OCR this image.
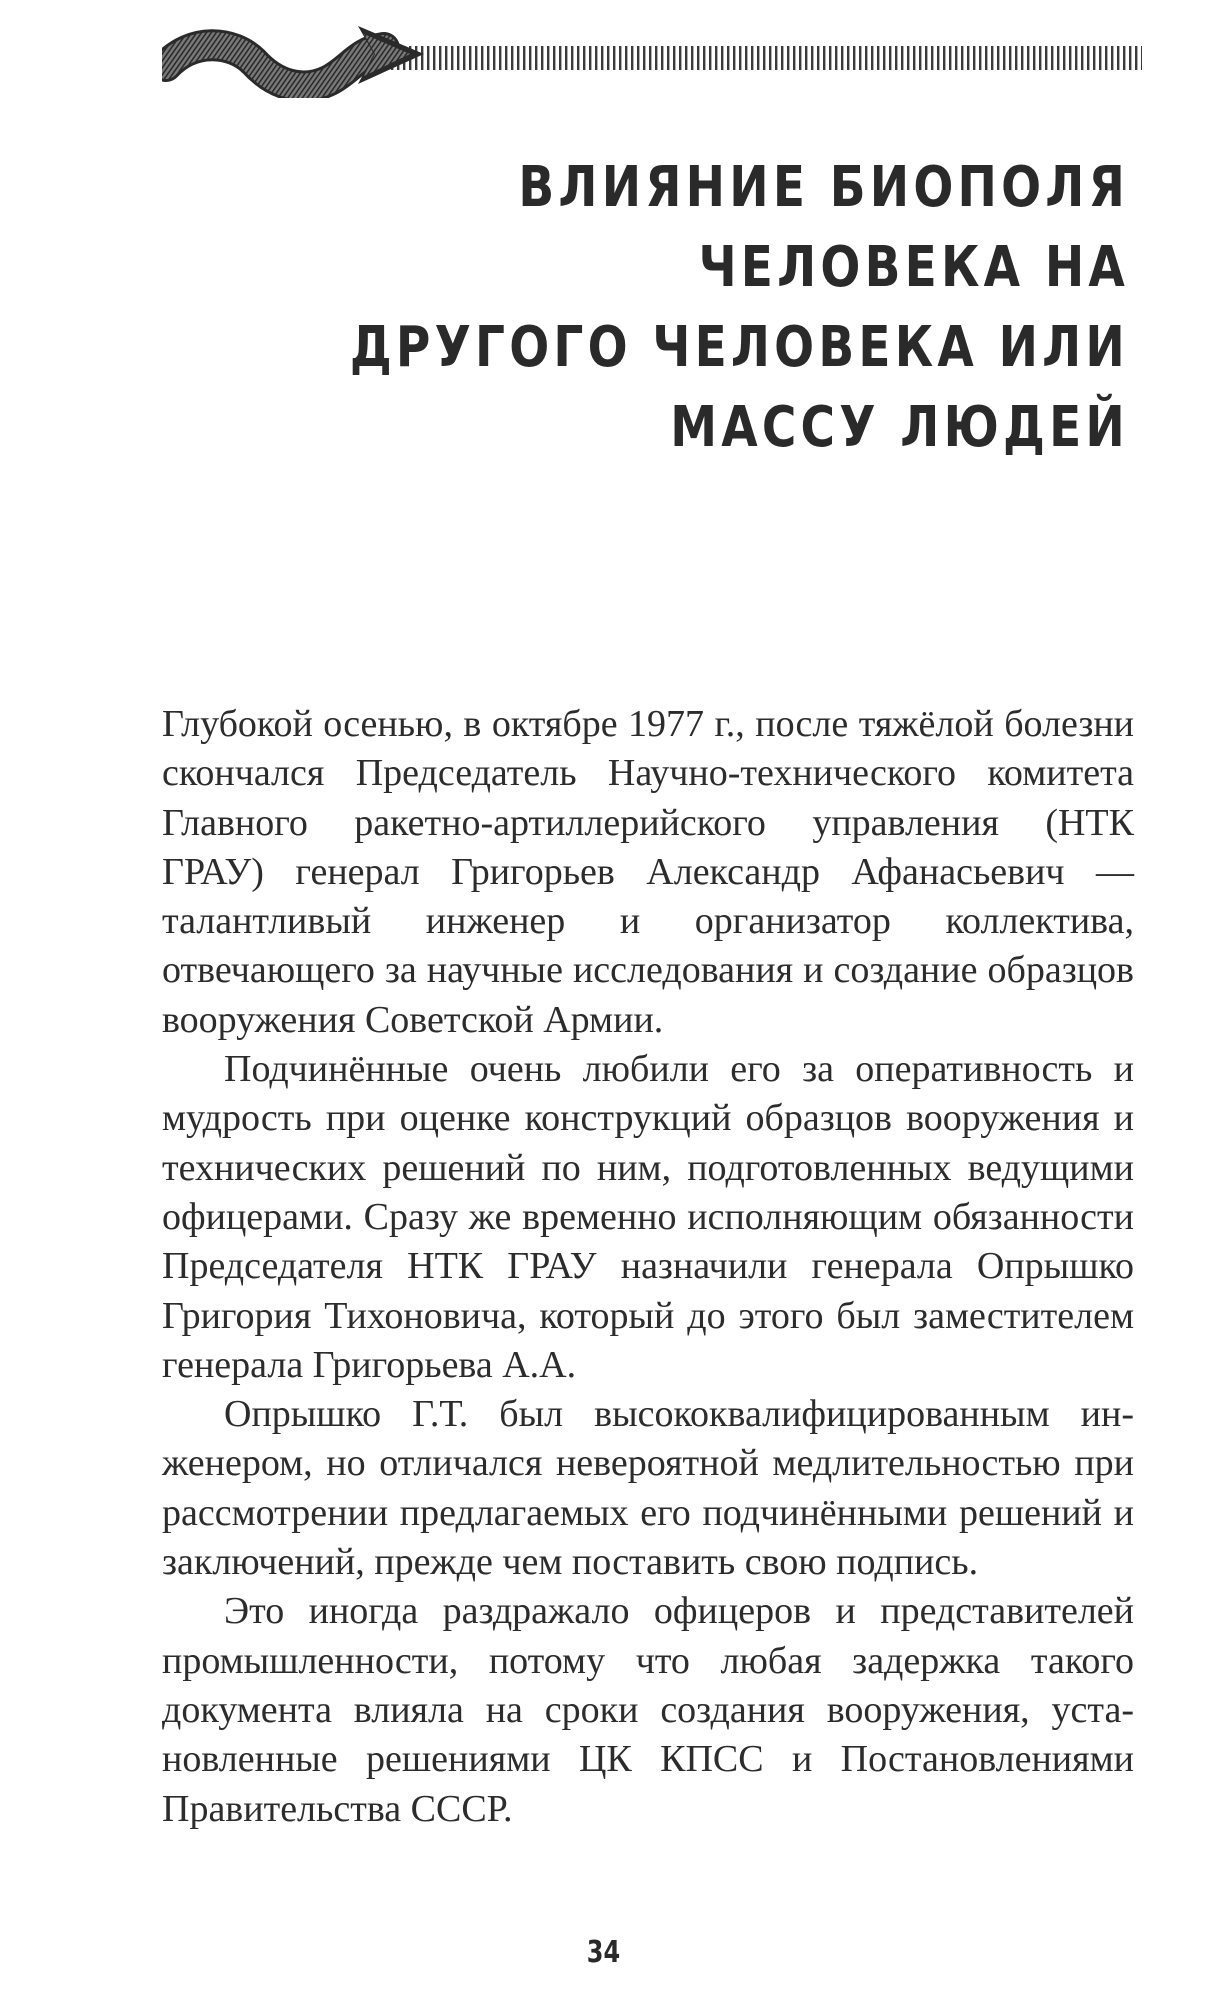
ВЛИЯНИЕ БИОПОЛЯ ЧЕЛОВЕКА НА
ДРУГОГО ЧЕЛОВЕКА ИЛИ МАССУ ЛЮДЕЙ

Глубокой осенью, в октябре 1977 г., после тяжёлой болезни скончался Председатель Научно-технического комитета Главного ракетно-артиллерийского управления (НТК ГРАУ) генерал Григорьев Александр Афанасьевич — талантливый инженер и организатор коллектива, отвечающего за научные исследования и создание образцов вооружения Советской Армии.

Подчинённые очень любили его за оперативность и мудрость при оценке конструкций образцов вооружения и технических решений по ним, подготовленных ведущими офицерами. Сразу же временно исполняющим обязанности Председателя НТК ГРАУ назначили генерала Опрышко Григория Тихоновича, который до этого был заместителем генерала Григорьева А.А.

Опрышко Г.Т. был высококвалифицированным инженером, но отличался невероятной медлительностью при рассмотрении предлагаемых его подчинёнными решений и заключений, прежде чем поставить свою подпись.

Это иногда раздражало офицеров и представителей промышленности, потому что любая задержка такого документа влияла на сроки создания вооружения, установленные решениями ЦК КПСС и Постановлениями Правительства СССР.

34
